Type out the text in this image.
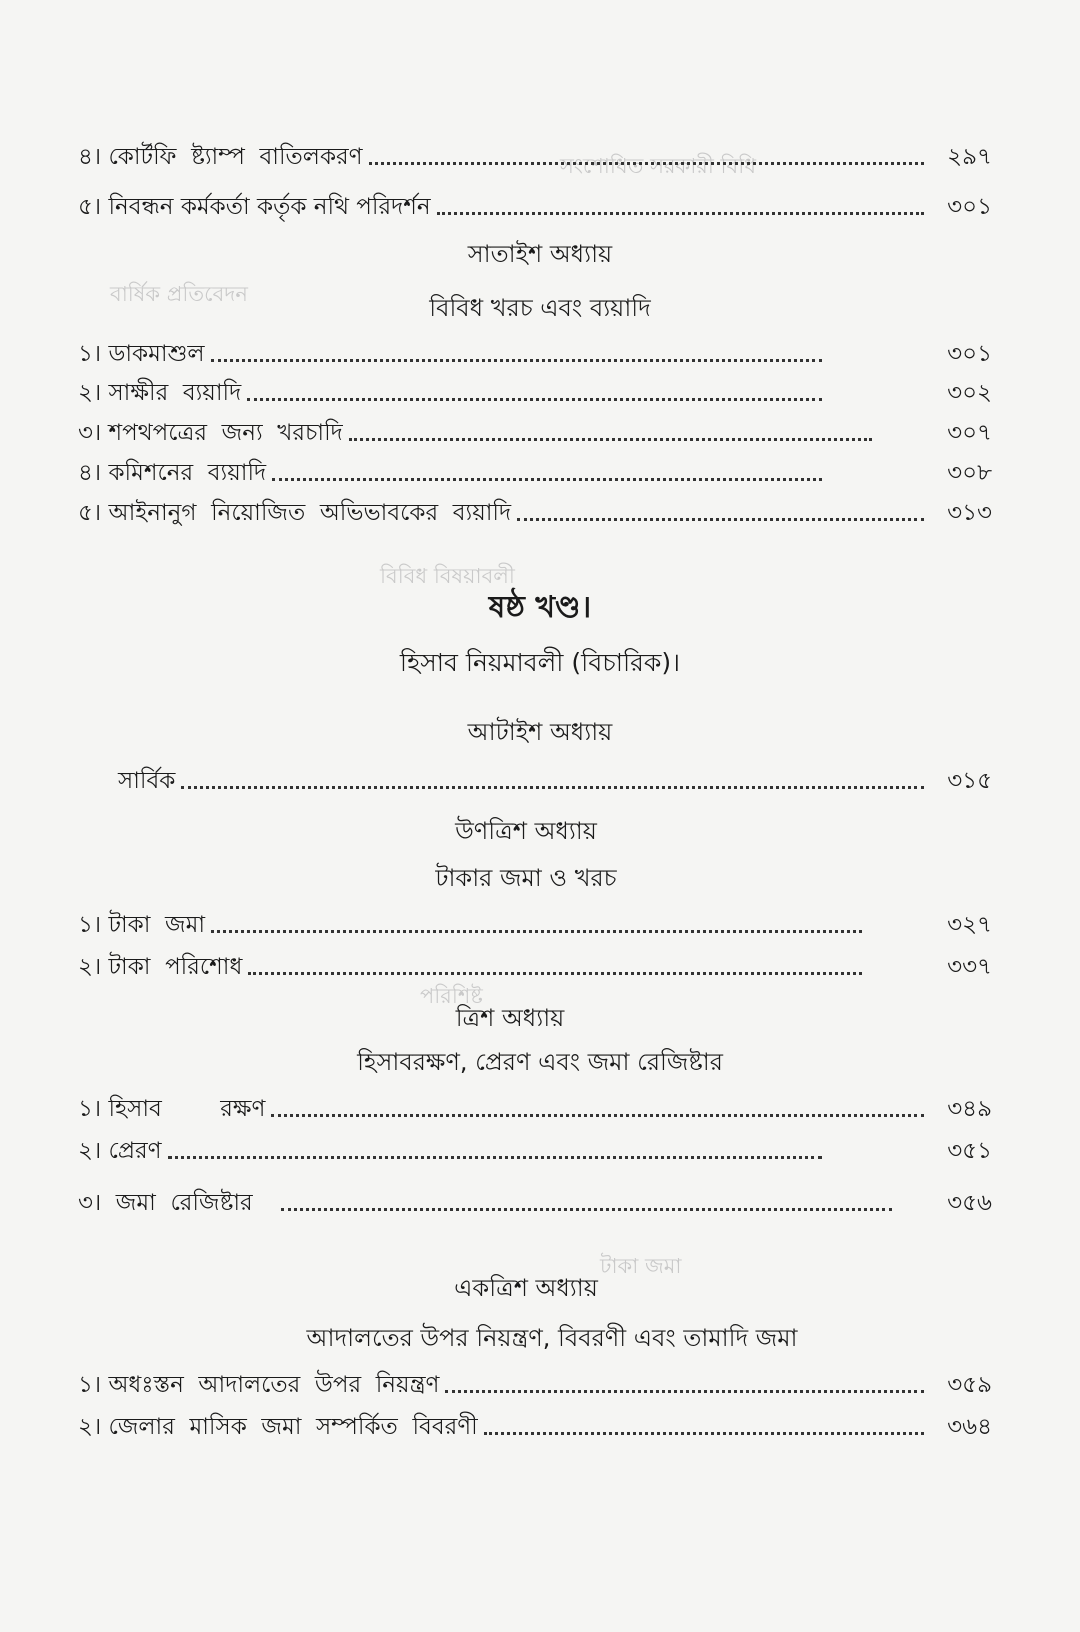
সংশোধিত সরকারী বিধি
বার্ষিক প্রতিবেদন
বিবিধ বিষয়াবলী
পরিশিষ্ট
টাকা জমা
৪। কোর্টফি  ষ্ট্যাম্প  বাতিলকরণ	২৯৭
৫। নিবন্ধন কর্মকর্তা কর্তৃক নথি পরিদর্শন	৩০১
সাতাইশ অধ্যায়
বিবিধ খরচ এবং ব্যয়াদি
১। ডাকমাশুল	৩০১
২। সাক্ষীর  ব্যয়াদি	৩০২
৩। শপথপত্রের  জন্য  খরচাদি	৩০৭
৪। কমিশনের  ব্যয়াদি	৩০৮
৫। আইনানুগ  নিয়োজিত  অভিভাবকের  ব্যয়াদি	৩১৩
ষষ্ঠ খণ্ড।
হিসাব নিয়মাবলী (বিচারিক)।
আটাইশ অধ্যায়
সার্বিক	৩১৫
উণত্রিশ অধ্যায়
টাকার জমা ও খরচ
১। টাকা  জমা	৩২৭
২। টাকা  পরিশোধ	৩৩৭
ত্রিশ অধ্যায়
হিসাবরক্ষণ, প্রেরণ এবং জমা রেজিষ্টার
১। হিসাব        রক্ষণ	৩৪৯
২। প্রেরণ	৩৫১
৩।  জমা  রেজিষ্টার	৩৫৬
একত্রিশ অধ্যায়
আদালতের উপর নিয়ন্ত্রণ, বিবরণী এবং তামাদি জমা
১। অধঃস্তন  আদালতের  উপর  নিয়ন্ত্রণ	৩৫৯
২। জেলার  মাসিক  জমা  সম্পর্কিত  বিবরণী	৩৬৪
